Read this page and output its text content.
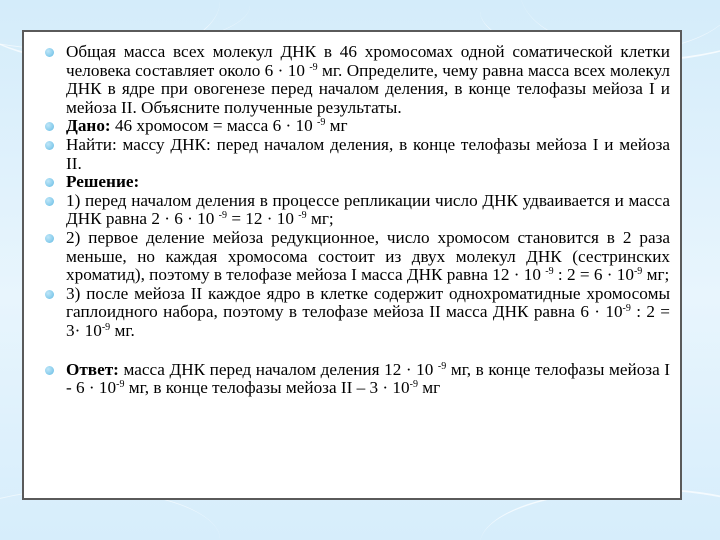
Общая масса всех молекул ДНК в 46 хромосомах одной соматической клетки человека составляет около 6 · 10 $^{-9}$ мг. Определите, чему равна масса всех молекул ДНК в ядре при овогенезе перед началом деления, в конце телофазы мейоза I и мейоза II. Объясните полученные результаты.
Дано: 46 хромосом = масса 6 · 10 $^{-9}$ мг
Найти: массу ДНК: перед началом деления, в конце телофазы мейоза I и мейоза II.
Решение:
1) перед началом деления в процессе репликации число ДНК удваивается и масса ДНК равна 2 · 6 · 10 $^{-9}$ = 12 · 10 $^{-9}$ мг;
2) первое деление мейоза редукционное, число хромосом становится в 2 раза меньше, но каждая хромосома состоит из двух молекул ДНК (сестринских хроматид), поэтому в телофазе мейоза I масса ДНК равна 12 · 10 $^{-9}$ : $2 = 6 \cdot 10^{-9}$ мг;
3) после мейоза II каждое ядро в клетке содержит однохроматидные хромосомы гаплоидного набора, поэтому в телофазе мейоза II масса ДНК равна $6 \cdot 10^{-9}$ : $2 = 3\cdot 10^{-9}$ мг.
Ответ: масса ДНК перед началом деления 12 · 10 $^{-9}$ мг, в конце телофазы мейоза $I - 6 \cdot 10^{-9}$ мг, в конце телофазы мейоза II – $3 \cdot 10^{-9}$ мг
